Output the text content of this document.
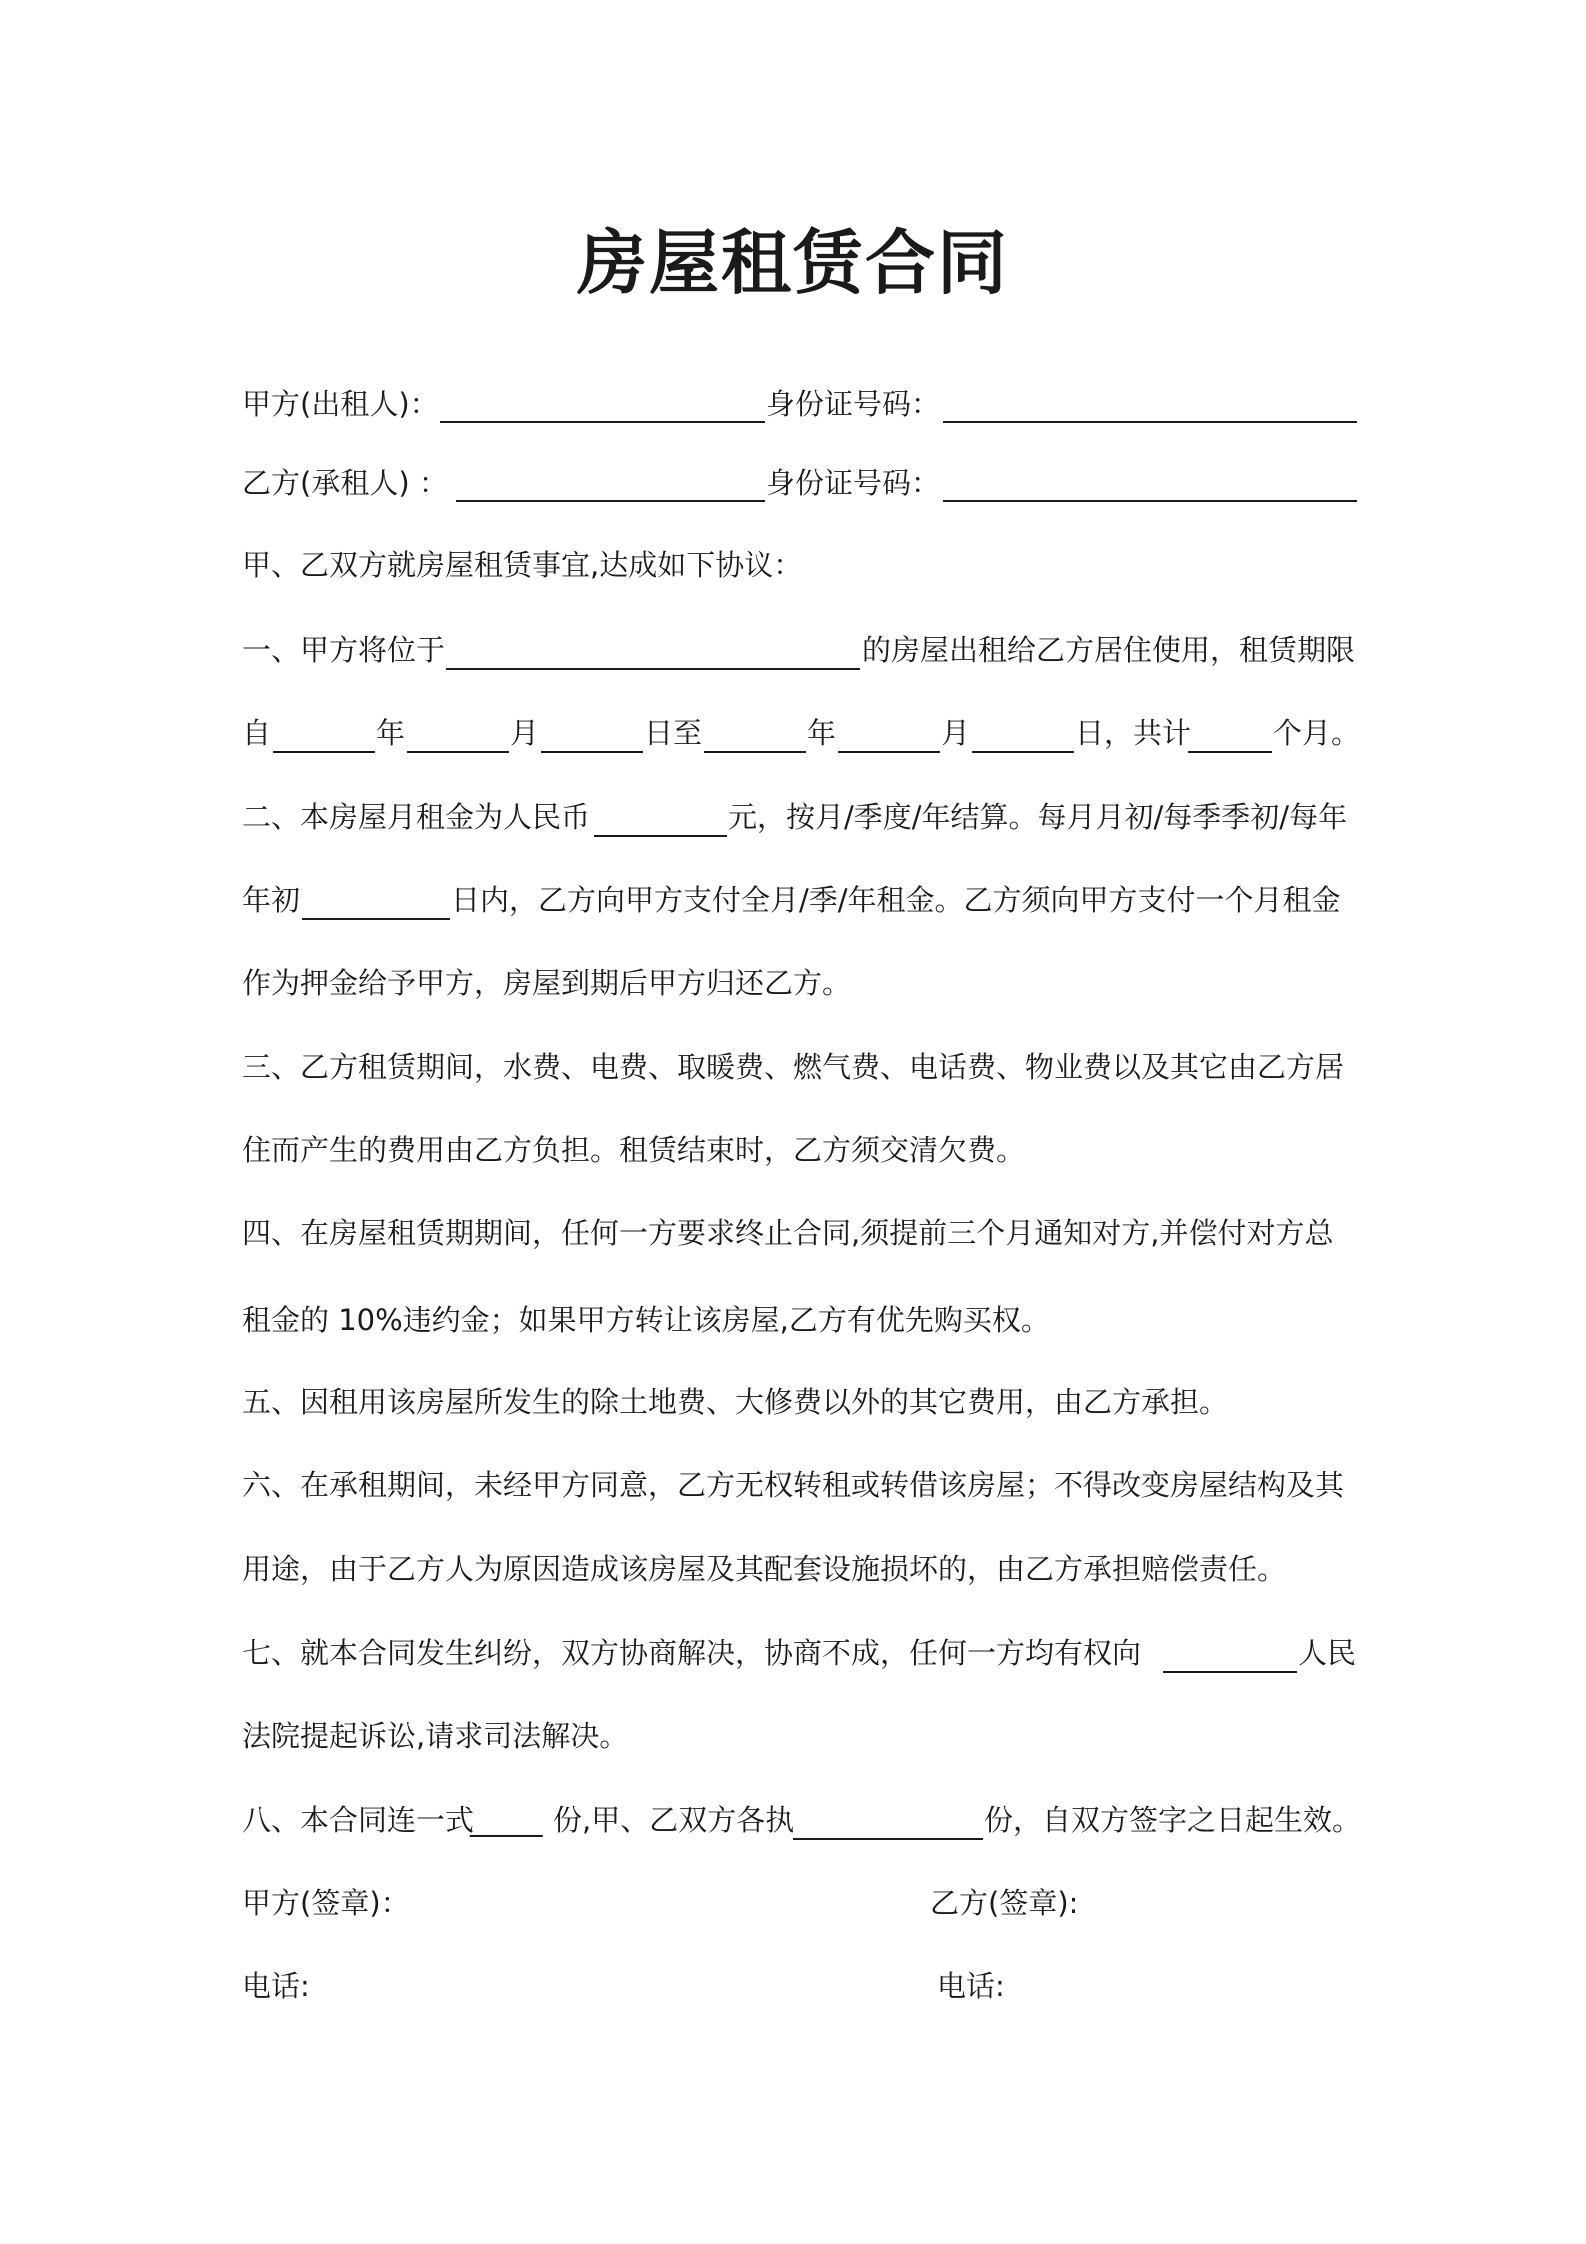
房屋租赁合同
甲方(出租人)：	身份证号码：
乙方(承租人) ：	身份证号码：
甲、乙双方就房屋租赁事宜,达成如下协议：
一、甲方将位于	的房屋出租给乙方居住使用，租赁期限
自	年	月	日至	年	月	日，共计	个月。
二、本房屋月租金为人民币	元，按月/季度/年结算。每月月初/每季季初/每年
年初	日内，乙方向甲方支付全月/季/年租金。乙方须向甲方支付一个月租金
作为押金给予甲方，房屋到期后甲方归还乙方。
三、乙方租赁期间，水费、电费、取暖费、燃气费、电话费、物业费以及其它由乙方居
住而产生的费用由乙方负担。租赁结束时，乙方须交清欠费。
四、在房屋租赁期期间，任何一方要求终止合同,须提前三个月通知对方,并偿付对方总
租金的 10%违约金；如果甲方转让该房屋,乙方有优先购买权。
五、因租用该房屋所发生的除土地费、大修费以外的其它费用，由乙方承担。
六、在承租期间，未经甲方同意，乙方无权转租或转借该房屋；不得改变房屋结构及其
用途，由于乙方人为原因造成该房屋及其配套设施损坏的，由乙方承担赔偿责任。
七、就本合同发生纠纷，双方协商解决，协商不成，任何一方均有权向	人民
法院提起诉讼,请求司法解决。
八、本合同连一式
_____ 份,甲、乙双方各执	份，自双方签字之日起生效。
甲方(签章)：	乙方(签章):
电话:	电话:
